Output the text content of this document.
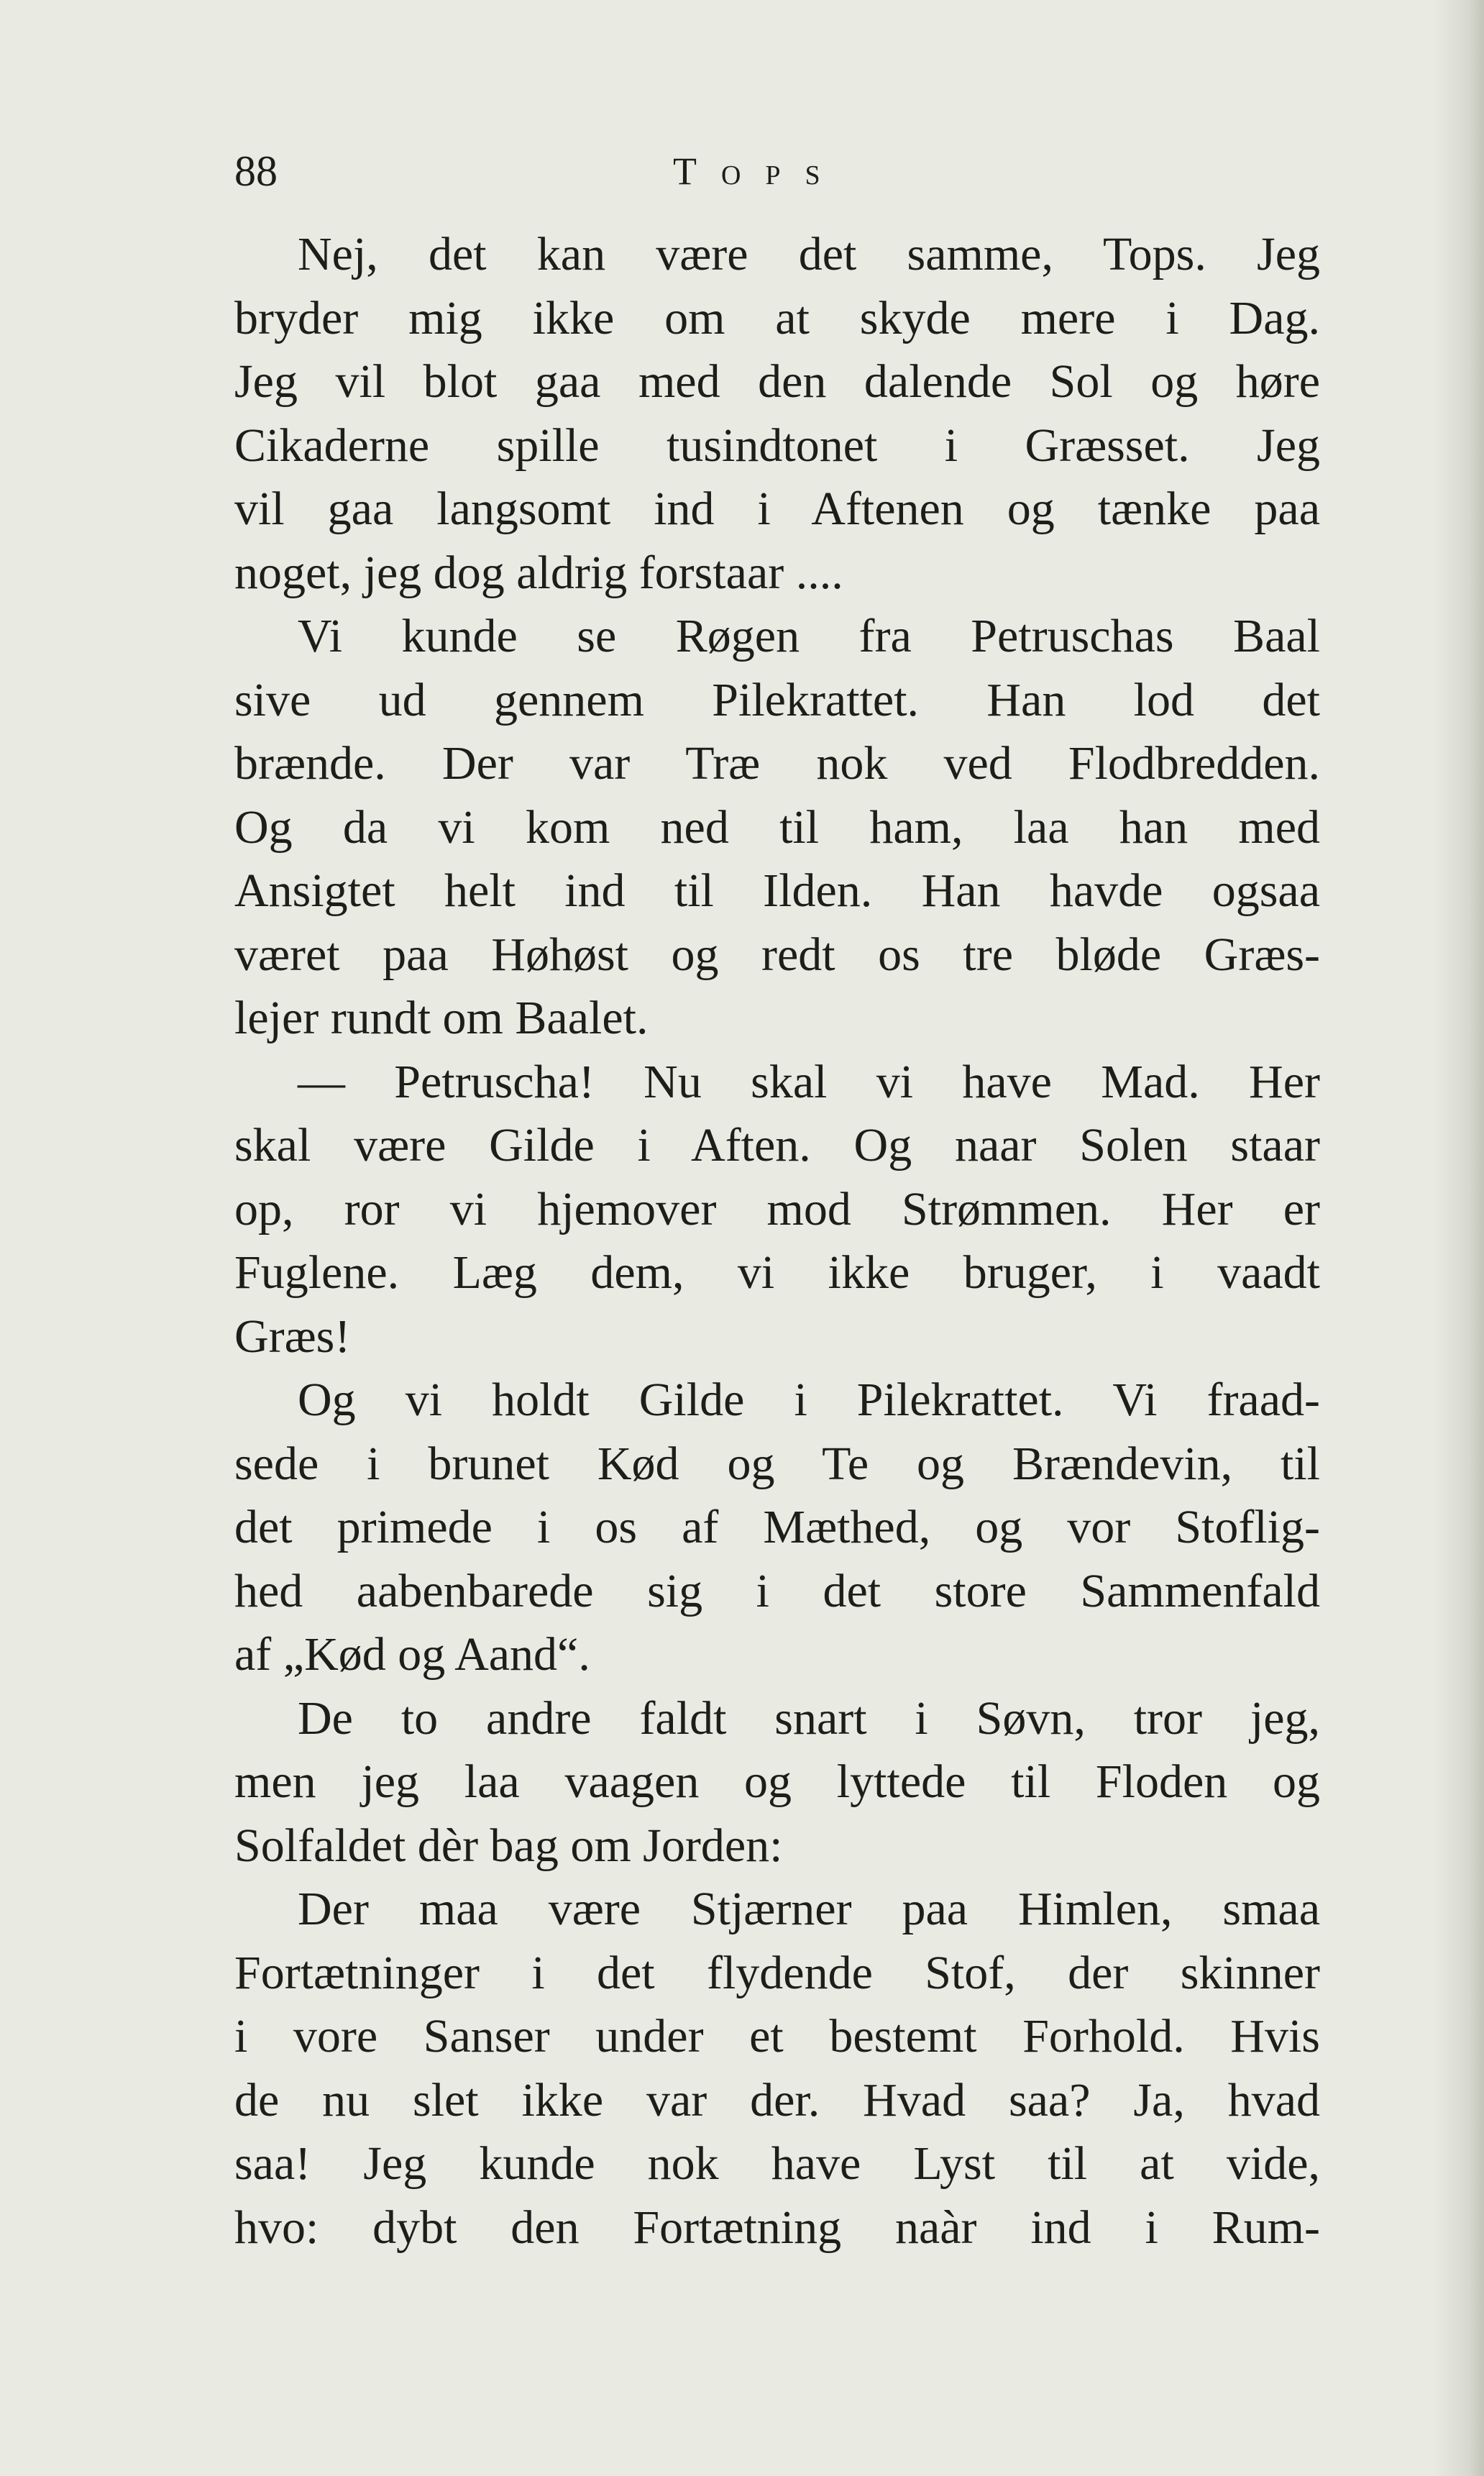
88	Tops
Nej, det kan være det samme, Tops. Jeg
bryder mig ikke om at skyde mere i Dag.
Jeg vil blot gaa med den dalende Sol og høre
Cikaderne spille tusindtonet i Græsset. Jeg
vil gaa langsomt ind i Aftenen og tænke paa
noget, jeg dog aldrig forstaar ....
Vi kunde se Røgen fra Petruschas Baal
sive ud gennem Pilekrattet. Han lod det
brænde. Der var Træ nok ved Flodbredden.
Og da vi kom ned til ham, laa han med
Ansigtet helt ind til Ilden. Han havde ogsaa
været paa Høhøst og redt os tre bløde Græs-
lejer rundt om Baalet.
— Petruscha! Nu skal vi have Mad. Her
skal være Gilde i Aften. Og naar Solen staar
op, ror vi hjemover mod Strømmen. Her er
Fuglene. Læg dem, vi ikke bruger, i vaadt
Græs!
Og vi holdt Gilde i Pilekrattet. Vi fraad-
sede i brunet Kød og Te og Brændevin, til
det primede i os af Mæthed, og vor Stoflig-
hed aabenbarede sig i det store Sammenfald
af „Kød og Aand“.
De to andre faldt snart i Søvn, tror jeg,
men jeg laa vaagen og lyttede til Floden og
Solfaldet dèr bag om Jorden:
Der maa være Stjærner paa Himlen, smaa
Fortætninger i det flydende Stof, der skinner
i vore Sanser under et bestemt Forhold. Hvis
de nu slet ikke var der. Hvad saa? Ja, hvad
saa! Jeg kunde nok have Lyst til at vide,
hvo: dybt den Fortætning naàr ind i Rum-
